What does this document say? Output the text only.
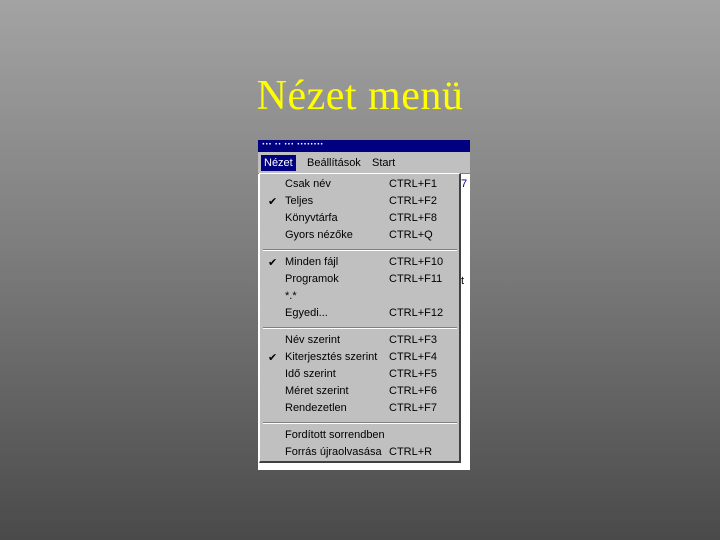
Nézet menü
··· ·· ··· ········
Nézet Beállítások Start
7
t
Csak név	CTRL+F1
✔ Teljes	CTRL+F2
Könyvtárfa	CTRL+F8
Gyors nézőke	CTRL+Q
✔ Minden fájl	CTRL+F10
Programok	CTRL+F11
*.*
Egyedi...	CTRL+F12
Név szerint	CTRL+F3
✔ Kiterjesztés szerint CTRL+F4
Idő szerint	CTRL+F5
Méret szerint	CTRL+F6
Rendezetlen	CTRL+F7
Fordított sorrendben
Forrás újraolvasása CTRL+R
